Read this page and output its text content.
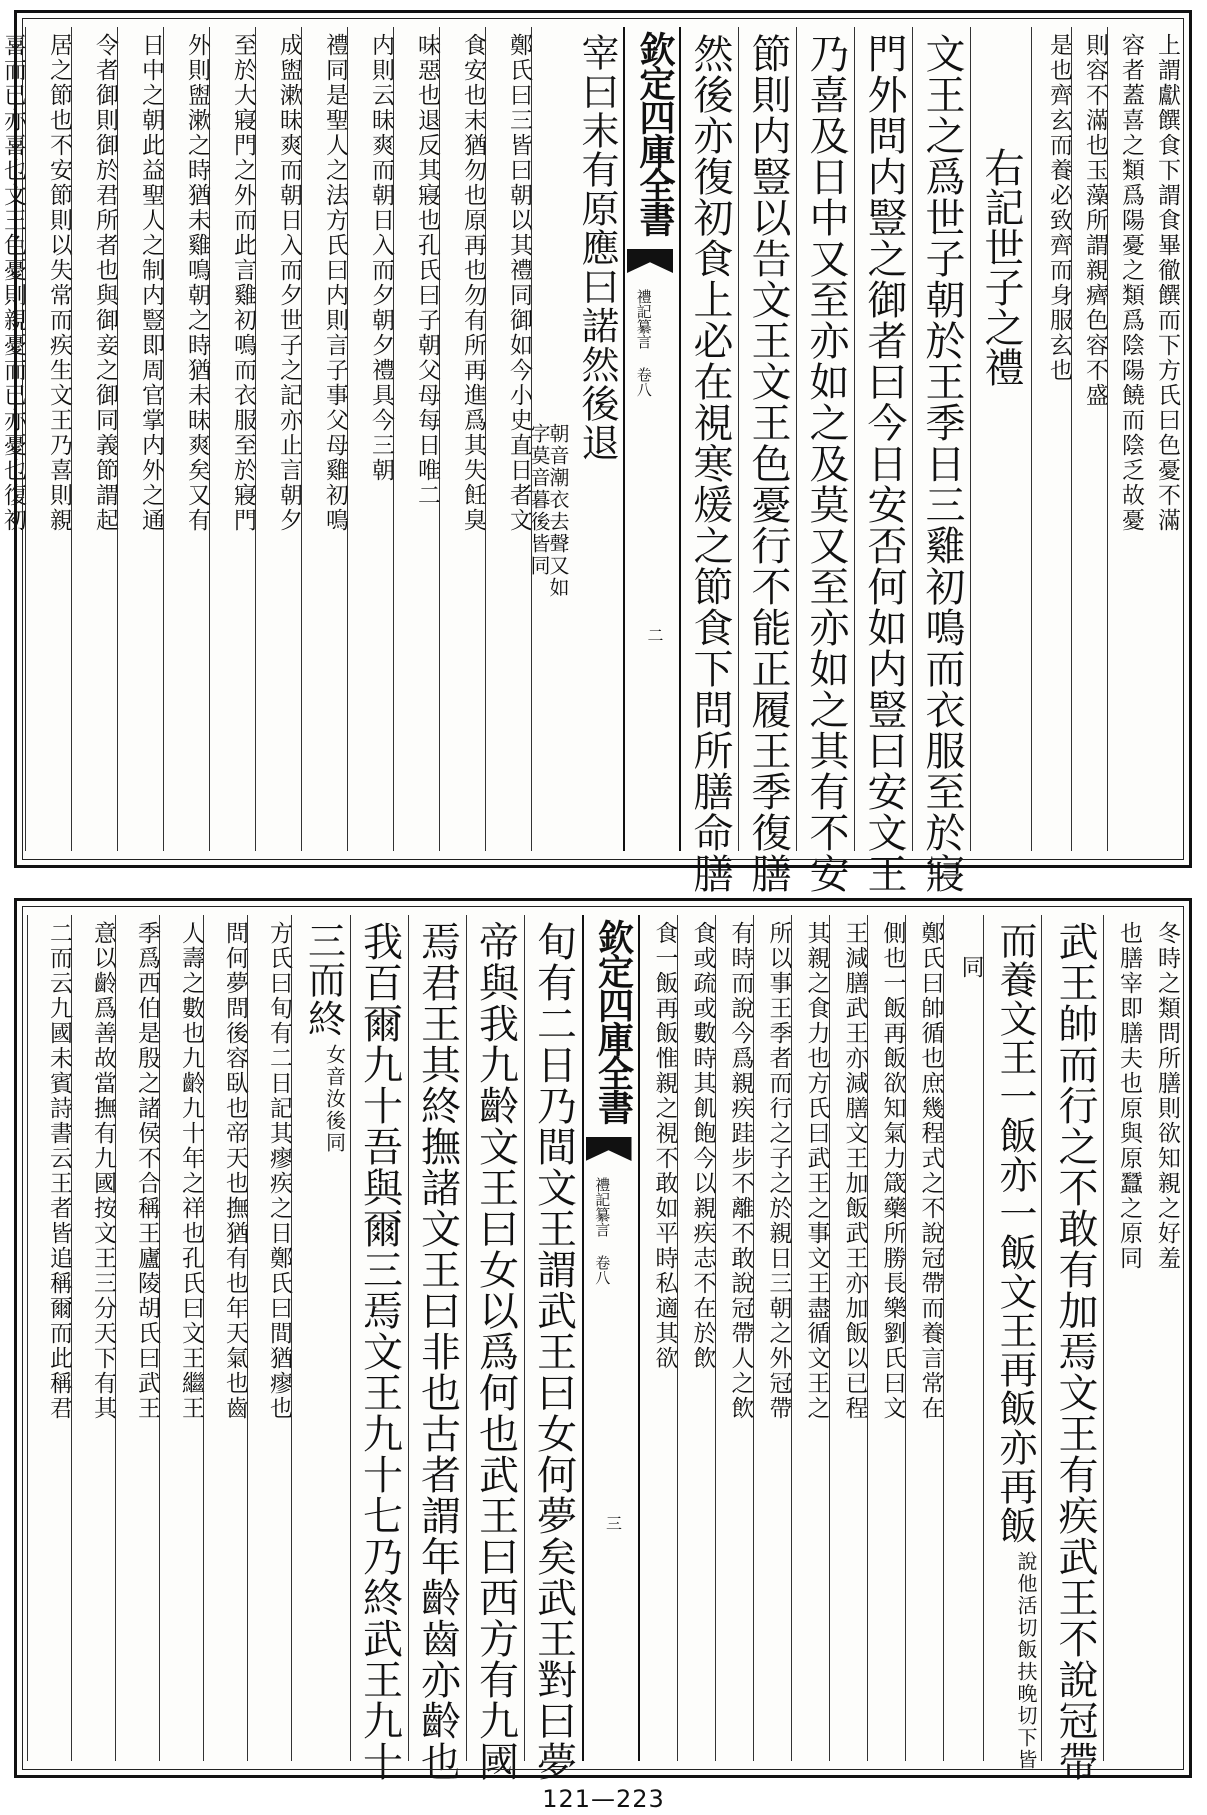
上謂獻饌食下謂食畢徹饌而下方氏曰色憂不滿
容者蓋喜之類爲陽憂之類爲陰陽饒而陰乏故憂
則容不滿也玉藻所謂親癠色容不盛
是也齊玄而養必致齊而身服玄也
右記世子之禮
文王之爲世子朝於王季日三雞初鳴而衣服至於寢
門外問内豎之御者曰今日安否何如内豎曰安文王
乃喜及日中又至亦如之及莫又至亦如之其有不安
節則内豎以告文王文王色憂行不能正履王季復膳
然後亦復初食上必在視寒煖之節食下問所膳命膳
欽定四庫全書
禮記纂言 卷八
二
宰曰末有原應曰諾然後退
朝音潮衣去聲又如
字莫音暮後皆同
鄭氏曰三皆曰朝以其禮同御如今小史直日者文
食安也末猶勿也原再也勿有所再進爲其失飪臭
味惡也退反其寢也孔氏曰子朝父母每日唯二
内則云昧爽而朝日入而夕朝夕禮具今三朝
禮同是聖人之法方氏曰内則言子事父母雞初鳴
成盥漱昧爽而朝日入而夕世子之記亦止言朝夕
至於大寢門之外而此言雞初鳴而衣服至於寢門
外則盥漱之時猶未雞鳴朝之時猶未昧爽矣又有
日中之朝此益聖人之制内豎即周官掌内外之通
令者御則御於君所者也與御妾之御同義節謂起
居之節也不安節則以失常而疾生文王乃喜則親
喜而已亦喜也文王色憂則親憂而已亦憂也復初
冬時之類問所膳則欲知親之好羞
也膳宰即膳夫也原與原蠶之原同
武王帥而行之不敢有加焉文王有疾武王不說冠帶
而養文王一飯亦一飯文王再飯亦再飯
說他活切飯扶晚切下皆
同
鄭氏曰帥循也庶幾程式之不說冠帶而養言常在
側也一飯再飯欲知氣力箴藥所勝長樂劉氏曰文
王減膳武王亦減膳文王加飯武王亦加飯以已程
其親之食力也方氏曰武王之事文王盡循文王之
所以事王季者而行之子之於親日三朝之外冠帶
有時而說今爲親疾跬步不離不敢說冠帶人之飲
食或疏或數時其飢飽今以親疾志不在於飲
食一飯再飯惟親之視不敢如平時私適其欲
欽定四庫全書
禮記纂言 卷八
三
旬有二日乃間文王謂武王曰女何夢矣武王對曰夢
帝與我九齡文王曰女以爲何也武王曰西方有九國
焉君王其終撫諸文王曰非也古者謂年齡齒亦齡也
我百爾九十吾與爾三焉文王九十七乃終武王九十
三而終
女音汝後同
方氏曰旬有二日記其瘳疾之日鄭氏曰間猶瘳也
問何夢問後容臥也帝天也撫猶有也年天氣也齒
人壽之數也九齡九十年之祥也孔氏曰文王繼王
季爲西伯是殷之諸侯不合稱王廬陵胡氏曰武王
意以齡爲善故當撫有九國按文王三分天下有其
二而云九國未賓詩書云王者皆追稱爾而此稱君
121—223
